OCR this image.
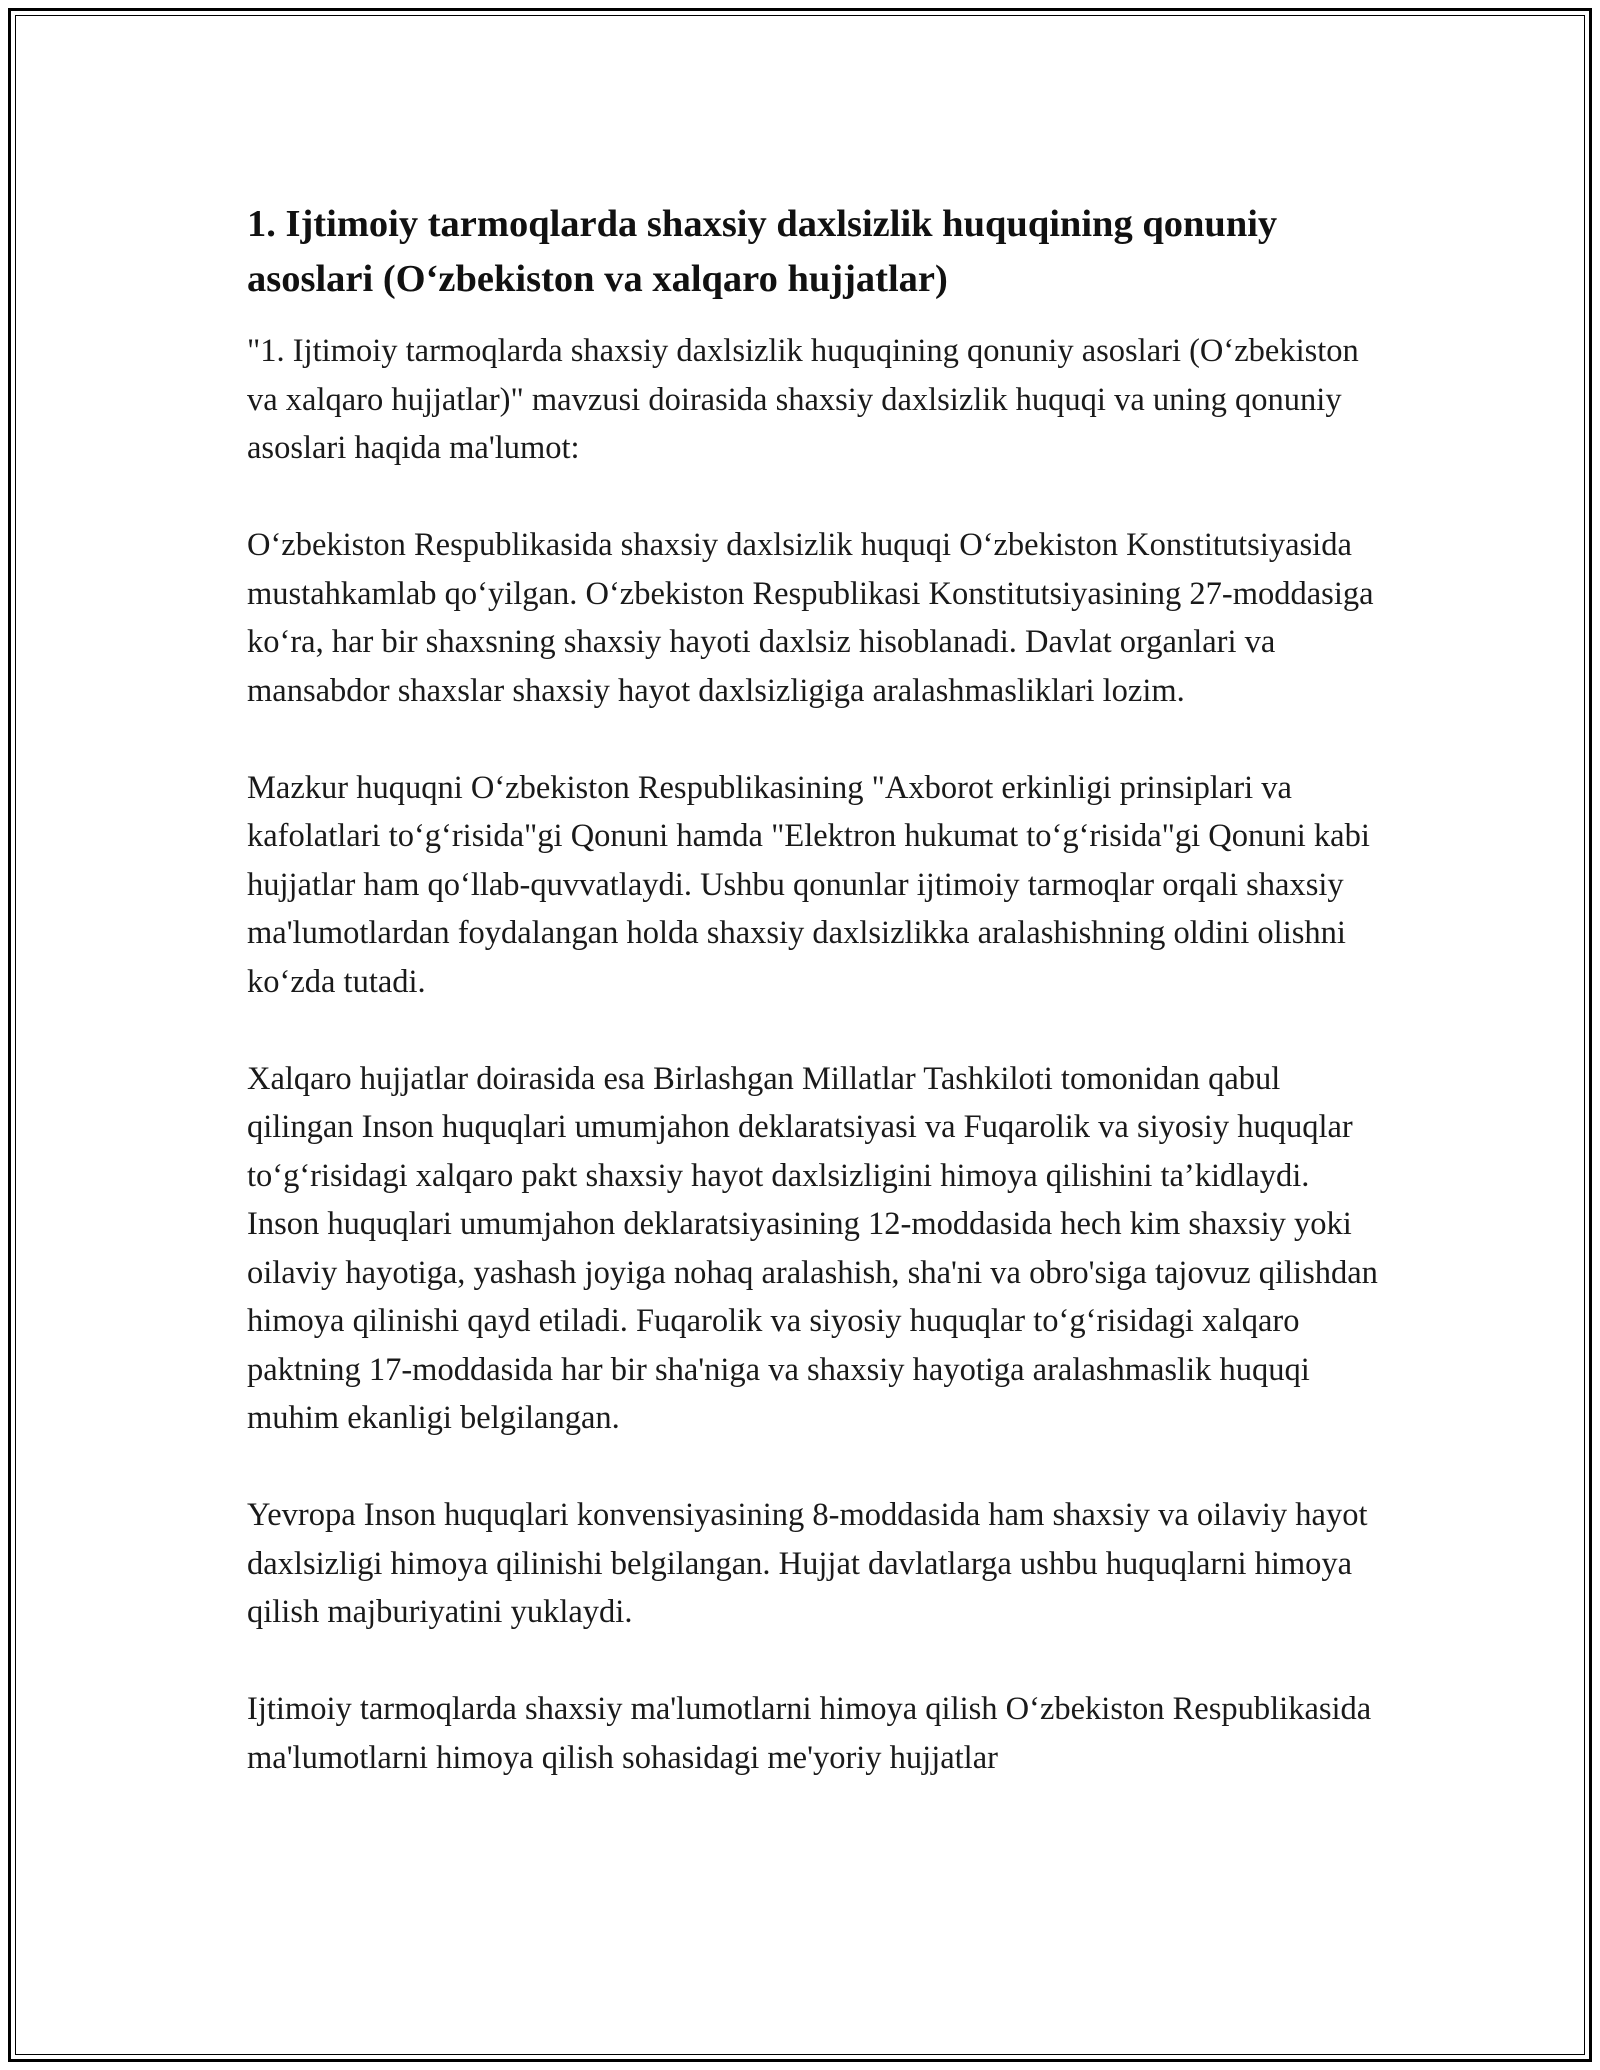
1. Ijtimoiy tarmoqlarda shaxsiy daxlsizlik huquqining qonuniy asoslari (O‘zbekiston va xalqaro hujjatlar)

"1. Ijtimoiy tarmoqlarda shaxsiy daxlsizlik huquqining qonuniy asoslari (O‘zbekiston va xalqaro hujjatlar)" mavzusi doirasida shaxsiy daxlsizlik huquqi va uning qonuniy asoslari haqida ma'lumot:

O‘zbekiston Respublikasida shaxsiy daxlsizlik huquqi O‘zbekiston Konstitutsiyasida mustahkamlab qo‘yilgan. O‘zbekiston Respublikasi Konstitutsiyasining 27-moddasiga ko‘ra, har bir shaxsning shaxsiy hayoti daxlsiz hisoblanadi. Davlat organlari va mansabdor shaxslar shaxsiy hayot daxlsizligiga aralashmasliklari lozim.

Mazkur huquqni O‘zbekiston Respublikasining "Axborot erkinligi prinsiplari va kafolatlari to‘g‘risida"gi Qonuni hamda "Elektron hukumat to‘g‘risida"gi Qonuni kabi hujjatlar ham qo‘llab-quvvatlaydi. Ushbu qonunlar ijtimoiy tarmoqlar orqali shaxsiy ma'lumotlardan foydalangan holda shaxsiy daxlsizlikka aralashishning oldini olishni ko‘zda tutadi.

Xalqaro hujjatlar doirasida esa Birlashgan Millatlar Tashkiloti tomonidan qabul qilingan Inson huquqlari umumjahon deklaratsiyasi va Fuqarolik va siyosiy huquqlar to‘g‘risidagi xalqaro pakt shaxsiy hayot daxlsizligini himoya qilishini ta’kidlaydi. Inson huquqlari umumjahon deklaratsiyasining 12-moddasida hech kim shaxsiy yoki oilaviy hayotiga, yashash joyiga nohaq aralashish, sha'ni va obro'siga tajovuz qilishdan himoya qilinishi qayd etiladi. Fuqarolik va siyosiy huquqlar to‘g‘risidagi xalqaro paktning 17-moddasida har bir sha'niga va shaxsiy hayotiga aralashmaslik huquqi muhim ekanligi belgilangan.

Yevropa Inson huquqlari konvensiyasining 8-moddasida ham shaxsiy va oilaviy hayot daxlsizligi himoya qilinishi belgilangan. Hujjat davlatlarga ushbu huquqlarni himoya qilish majburiyatini yuklaydi.

Ijtimoiy tarmoqlarda shaxsiy ma'lumotlarni himoya qilish O‘zbekiston Respublikasida ma'lumotlarni himoya qilish sohasidagi me'yoriy hujjatlar
